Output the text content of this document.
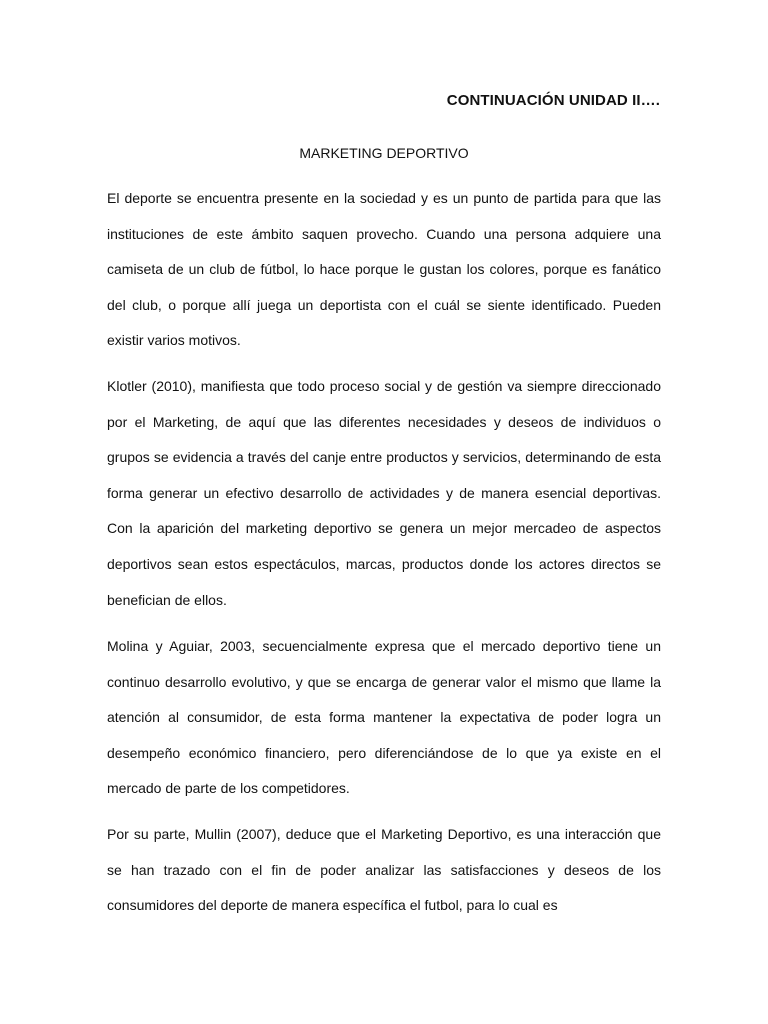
CONTINUACIÓN UNIDAD II….
MARKETING DEPORTIVO

El deporte se encuentra presente en la sociedad y es un punto de partida para que las instituciones de este ámbito saquen provecho. Cuando una persona adquiere una camiseta de un club de fútbol, lo hace porque le gustan los colores, porque es fanático del club, o porque allí juega un deportista con el cuál se siente identificado. Pueden existir varios motivos.

Klotler (2010), manifiesta que todo proceso social y de gestión va siempre direccionado por el Marketing, de aquí que las diferentes necesidades y deseos de individuos o grupos se evidencia a través del canje entre productos y servicios, determinando de esta forma generar un efectivo desarrollo de actividades y de manera esencial deportivas. Con la aparición del marketing deportivo se genera un mejor mercadeo de aspectos deportivos sean estos espectáculos, marcas, productos donde los actores directos se benefician de ellos.

Molina y Aguiar, 2003, secuencialmente expresa que el mercado deportivo tiene un continuo desarrollo evolutivo, y que se encarga de generar valor el mismo que llame la atención al consumidor, de esta forma mantener la expectativa de poder logra un desempeño económico financiero, pero diferenciándose de lo que ya existe en el mercado de parte de los competidores.

Por su parte, Mullin (2007), deduce que el Marketing Deportivo, es una interacción que se han trazado con el fin de poder analizar las satisfacciones y deseos de los consumidores del deporte de manera específica el futbol, para lo cual es
